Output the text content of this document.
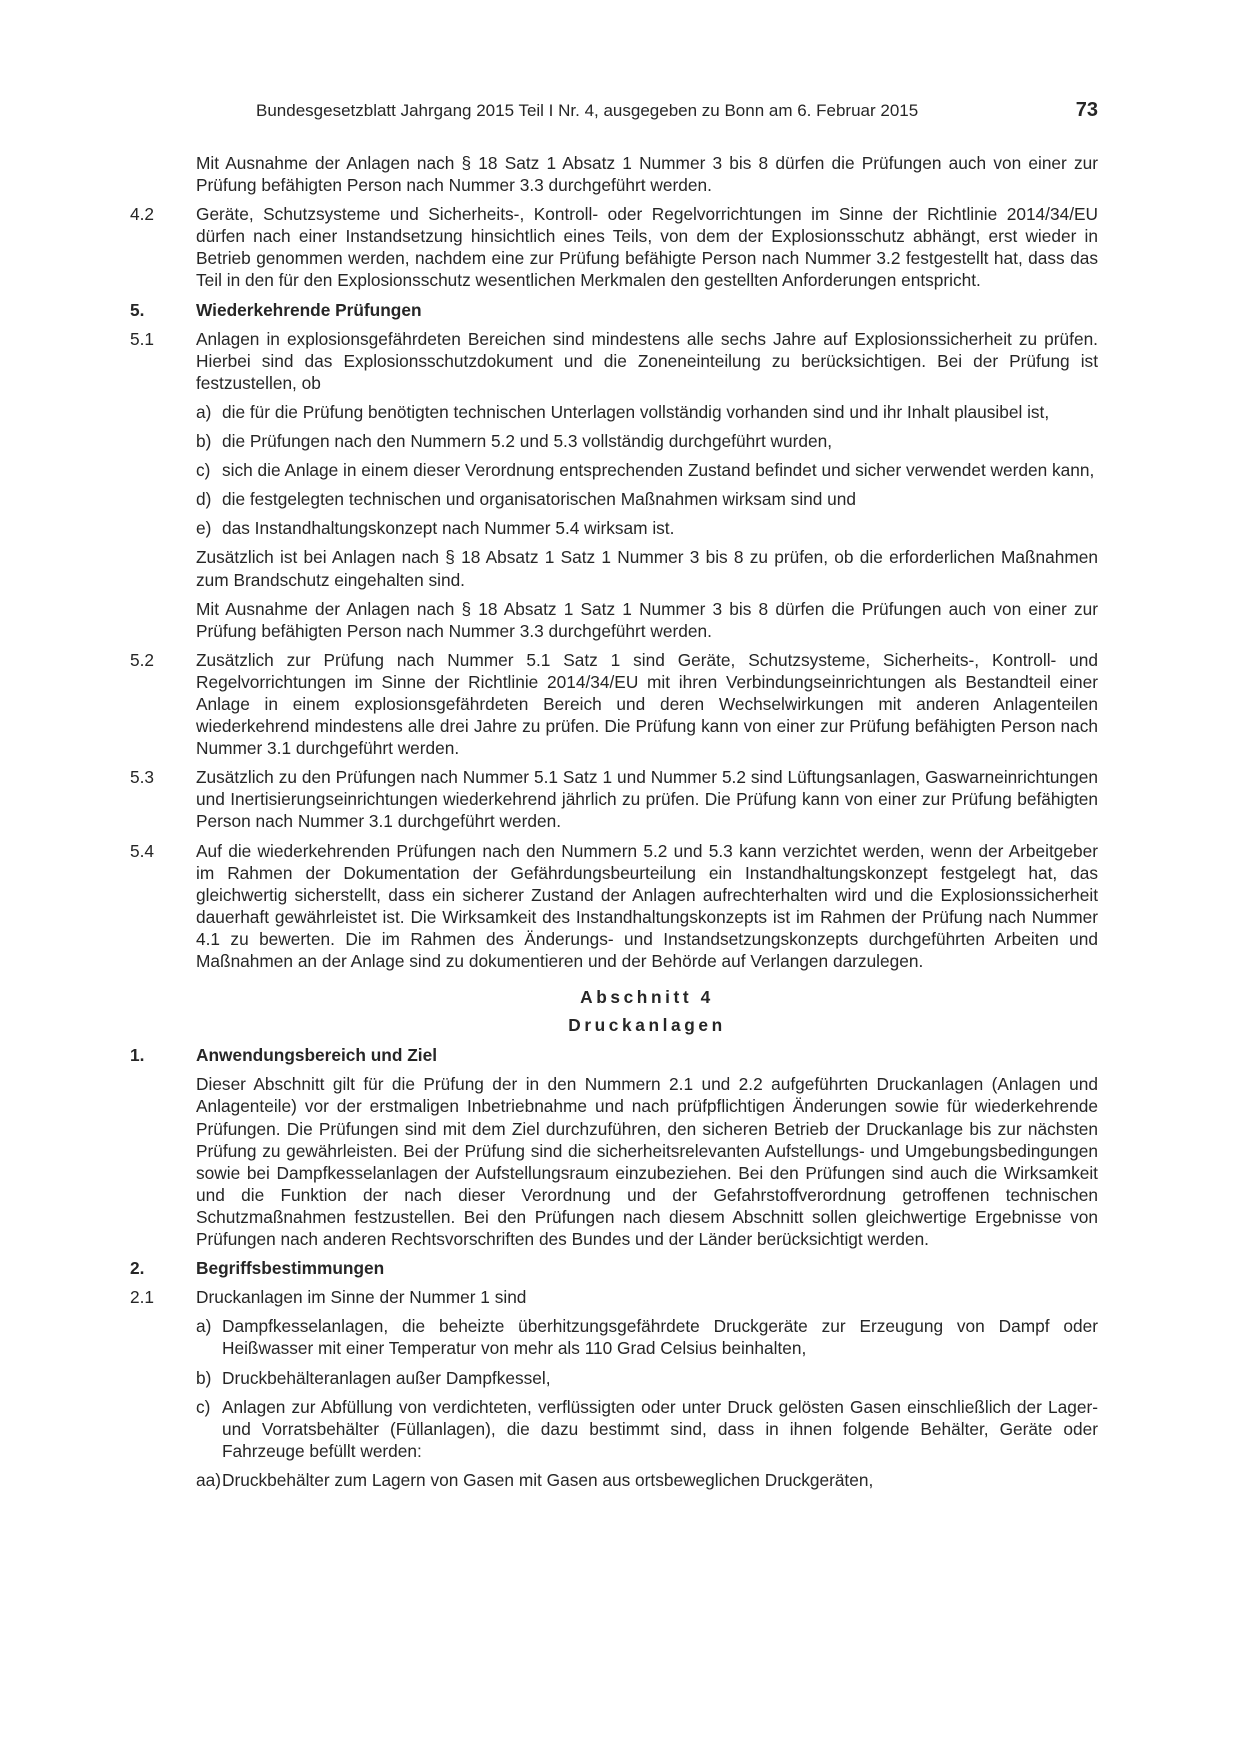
Bundesgesetzblatt Jahrgang 2015 Teil I Nr. 4, ausgegeben zu Bonn am 6. Februar 2015	73
Mit Ausnahme der Anlagen nach § 18 Satz 1 Absatz 1 Nummer 3 bis 8 dürfen die Prüfungen auch von einer zur Prüfung befähigten Person nach Nummer 3.3 durchgeführt werden.
4.2 Geräte, Schutzsysteme und Sicherheits-, Kontroll- oder Regelvorrichtungen im Sinne der Richtlinie 2014/34/EU dürfen nach einer Instandsetzung hinsichtlich eines Teils, von dem der Explosionsschutz abhängt, erst wieder in Betrieb genommen werden, nachdem eine zur Prüfung befähigte Person nach Nummer 3.2 festgestellt hat, dass das Teil in den für den Explosionsschutz wesentlichen Merkmalen den gestellten Anforderungen entspricht.
5.	Wiederkehrende Prüfungen
5.1 Anlagen in explosionsgefährdeten Bereichen sind mindestens alle sechs Jahre auf Explosionssicherheit zu prüfen. Hierbei sind das Explosionsschutzdokument und die Zoneneinteilung zu berücksichtigen. Bei der Prüfung ist festzustellen, ob
a) die für die Prüfung benötigten technischen Unterlagen vollständig vorhanden sind und ihr Inhalt plausibel ist,
b) die Prüfungen nach den Nummern 5.2 und 5.3 vollständig durchgeführt wurden,
c) sich die Anlage in einem dieser Verordnung entsprechenden Zustand befindet und sicher verwendet werden kann,
d) die festgelegten technischen und organisatorischen Maßnahmen wirksam sind und
e) das Instandhaltungskonzept nach Nummer 5.4 wirksam ist.
Zusätzlich ist bei Anlagen nach § 18 Absatz 1 Satz 1 Nummer 3 bis 8 zu prüfen, ob die erforderlichen Maßnahmen zum Brandschutz eingehalten sind.
Mit Ausnahme der Anlagen nach § 18 Absatz 1 Satz 1 Nummer 3 bis 8 dürfen die Prüfungen auch von einer zur Prüfung befähigten Person nach Nummer 3.3 durchgeführt werden.
5.2 Zusätzlich zur Prüfung nach Nummer 5.1 Satz 1 sind Geräte, Schutzsysteme, Sicherheits-, Kontroll- und Regelvorrichtungen im Sinne der Richtlinie 2014/34/EU mit ihren Verbindungseinrichtungen als Bestandteil einer Anlage in einem explosionsgefährdeten Bereich und deren Wechselwirkungen mit anderen Anlagenteilen wiederkehrend mindestens alle drei Jahre zu prüfen. Die Prüfung kann von einer zur Prüfung befähigten Person nach Nummer 3.1 durchgeführt werden.
5.3 Zusätzlich zu den Prüfungen nach Nummer 5.1 Satz 1 und Nummer 5.2 sind Lüftungsanlagen, Gaswarneinrichtungen und Inertisierungseinrichtungen wiederkehrend jährlich zu prüfen. Die Prüfung kann von einer zur Prüfung befähigten Person nach Nummer 3.1 durchgeführt werden.
5.4 Auf die wiederkehrenden Prüfungen nach den Nummern 5.2 und 5.3 kann verzichtet werden, wenn der Arbeitgeber im Rahmen der Dokumentation der Gefährdungsbeurteilung ein Instandhaltungskonzept festgelegt hat, das gleichwertig sicherstellt, dass ein sicherer Zustand der Anlagen aufrechterhalten wird und die Explosionssicherheit dauerhaft gewährleistet ist. Die Wirksamkeit des Instandhaltungskonzepts ist im Rahmen der Prüfung nach Nummer 4.1 zu bewerten. Die im Rahmen des Änderungs- und Instandsetzungskonzepts durchgeführten Arbeiten und Maßnahmen an der Anlage sind zu dokumentieren und der Behörde auf Verlangen darzulegen.
Abschnitt 4
Druckanlagen
1.	Anwendungsbereich und Ziel
Dieser Abschnitt gilt für die Prüfung der in den Nummern 2.1 und 2.2 aufgeführten Druckanlagen (Anlagen und Anlagenteile) vor der erstmaligen Inbetriebnahme und nach prüfpflichtigen Änderungen sowie für wiederkehrende Prüfungen. Die Prüfungen sind mit dem Ziel durchzuführen, den sicheren Betrieb der Druckanlage bis zur nächsten Prüfung zu gewährleisten. Bei der Prüfung sind die sicherheitsrelevanten Aufstellungs- und Umgebungsbedingungen sowie bei Dampfkesselanlagen der Aufstellungsraum einzubeziehen. Bei den Prüfungen sind auch die Wirksamkeit und die Funktion der nach dieser Verordnung und der Gefahrstoffverordnung getroffenen technischen Schutzmaßnahmen festzustellen. Bei den Prüfungen nach diesem Abschnitt sollen gleichwertige Ergebnisse von Prüfungen nach anderen Rechtsvorschriften des Bundes und der Länder berücksichtigt werden.
2.	Begriffsbestimmungen
2.1 Druckanlagen im Sinne der Nummer 1 sind
a) Dampfkesselanlagen, die beheizte überhitzungsgefährdete Druckgeräte zur Erzeugung von Dampf oder Heißwasser mit einer Temperatur von mehr als 110 Grad Celsius beinhalten,
b) Druckbehälteranlagen außer Dampfkessel,
c) Anlagen zur Abfüllung von verdichteten, verflüssigten oder unter Druck gelösten Gasen einschließlich der Lager- und Vorratsbehälter (Füllanlagen), die dazu bestimmt sind, dass in ihnen folgende Behälter, Geräte oder Fahrzeuge befüllt werden:
aa) Druckbehälter zum Lagern von Gasen mit Gasen aus ortsbeweglichen Druckgeräten,
